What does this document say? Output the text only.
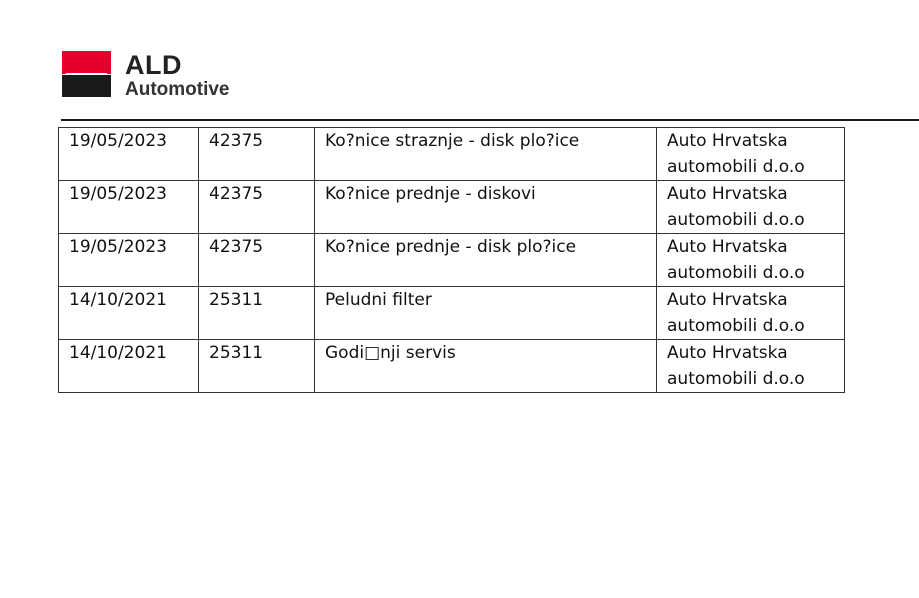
ALD
Automotive
19/05/2023	42375	Ko?nice straznje - disk plo?ice	Auto Hrvatska
automobili d.o.o

19/05/2023	42375	Ko?nice prednje - diskovi	Auto Hrvatska
automobili d.o.o

19/05/2023	42375	Ko?nice prednje - disk plo?ice	Auto Hrvatska
automobili d.o.o

14/10/2021	25311	Peludni filter	Auto Hrvatska
automobili d.o.o

14/10/2021	25311	Godi□nji servis	Auto Hrvatska
automobili d.o.o
